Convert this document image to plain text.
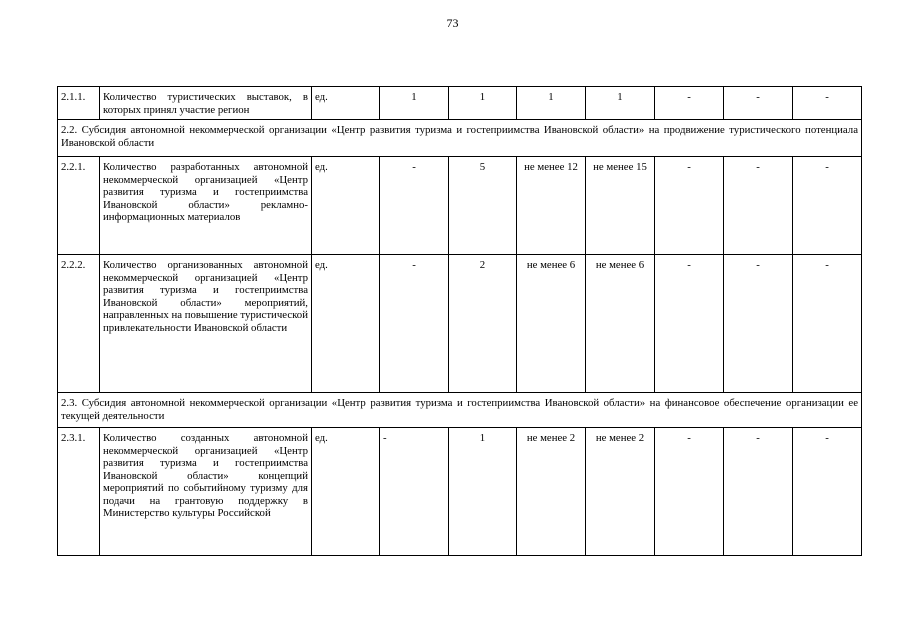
73
2.1.1.	Количество туристических выставок, в которых принял участие регион	ед.	1	1	1	1	-	-	-
2.2. Субсидия автономной некоммерческой организации «Центр развития туризма и гостеприимства Ивановской области» на продвижение туристического потенциала Ивановской области									
2.2.1.	Количество разработанных автономной некоммерческой организацией «Центр развития туризма и гостеприимства Ивановской области» рекламно-информационных материалов	ед.	-	5	не менее 12	не менее 15	-	-	-
2.2.2.	Количество организованных автономной некоммерческой организацией «Центр развития туризма и гостеприимства Ивановской области» мероприятий, направленных на повышение туристической привлекательности Ивановской области	ед.	-	2	не менее 6	не менее 6	-	-	-
2.3. Субсидия автономной некоммерческой организации «Центр развития туризма и гостеприимства Ивановской области» на финансовое обеспечение организации ее текущей деятельности									
2.3.1.	Количество созданных автономной некоммерческой организацией «Центр развития туризма и гостеприимства Ивановской области» концепций мероприятий по событийному туризму для подачи на грантовую поддержку в Министерство культуры Российской	ед.	-	1	не менее 2	не менее 2	-	-	-
